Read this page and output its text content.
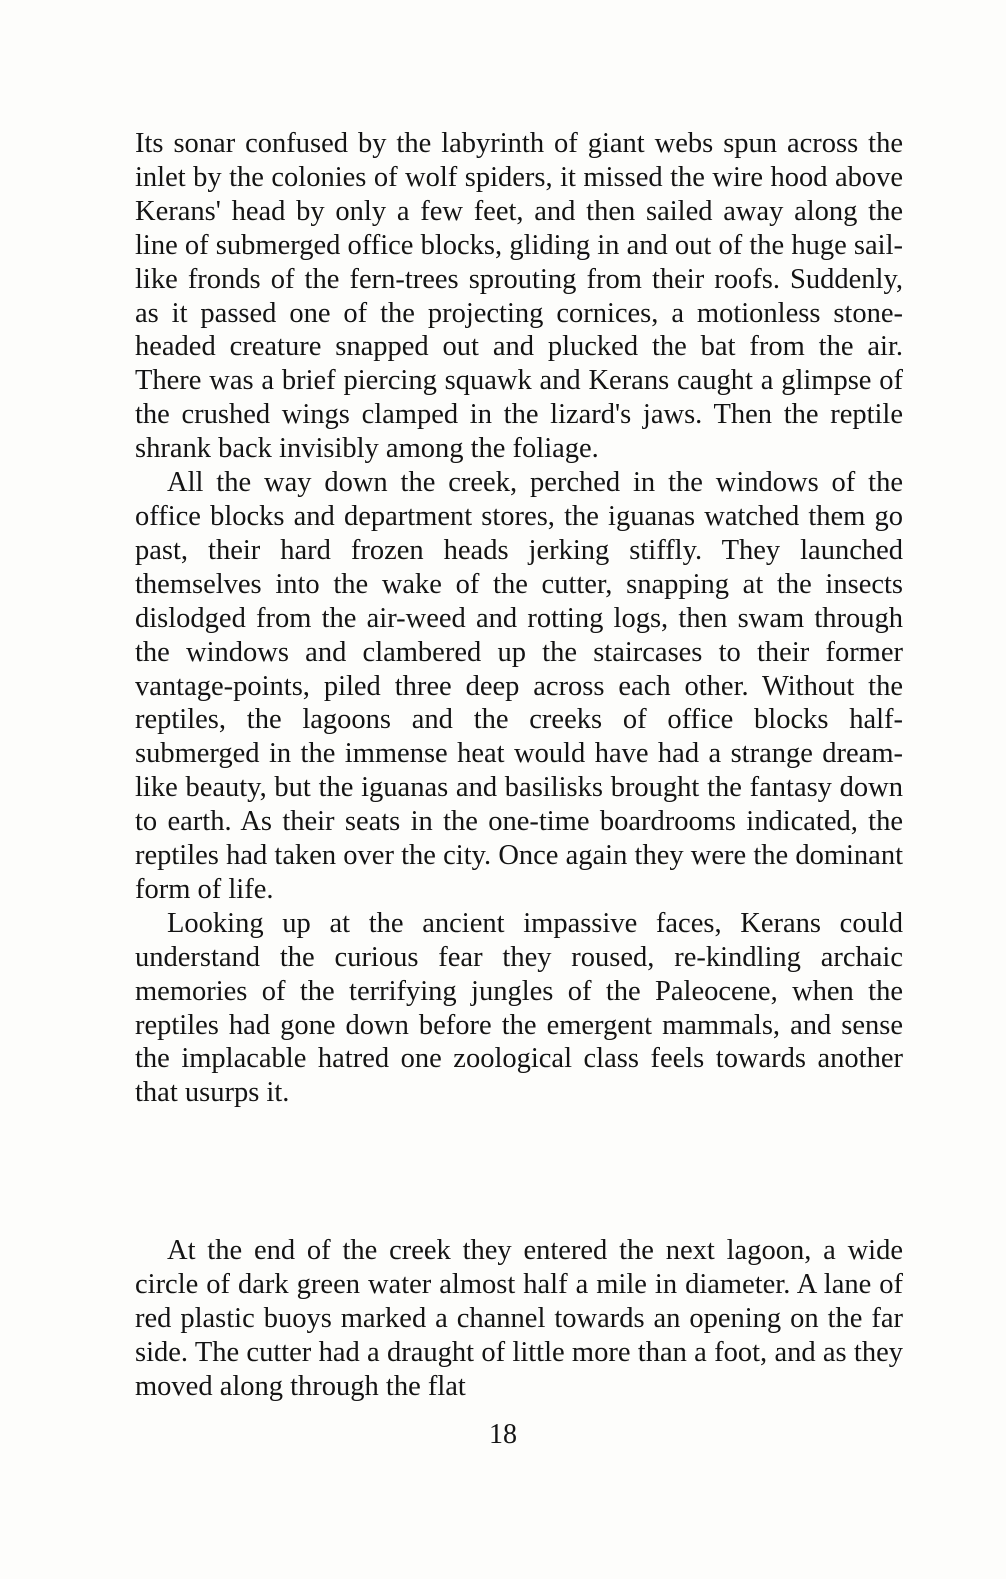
Its sonar confused by the labyrinth of giant webs spun across the inlet by the colonies of wolf spiders, it missed the wire hood above Kerans' head by only a few feet, and then sailed away along the line of submerged office blocks, gliding in and out of the huge sail-like fronds of the fern-trees sprouting from their roofs. Suddenly, as it passed one of the projecting cornices, a motionless stone-headed creature snapped out and plucked the bat from the air. There was a brief piercing squawk and Kerans caught a glimpse of the crushed wings clamped in the lizard's jaws. Then the reptile shrank back invisibly among the foliage.

All the way down the creek, perched in the windows of the office blocks and department stores, the iguanas watched them go past, their hard frozen heads jerking stiffly. They launched themselves into the wake of the cutter, snapping at the insects dislodged from the air-weed and rotting logs, then swam through the windows and clambered up the staircases to their former vantage-points, piled three deep across each other. Without the reptiles, the lagoons and the creeks of office blocks half-submerged in the immense heat would have had a strange dream-like beauty, but the iguanas and basilisks brought the fantasy down to earth. As their seats in the one-time boardrooms indicated, the reptiles had taken over the city. Once again they were the dominant form of life.

Looking up at the ancient impassive faces, Kerans could understand the curious fear they roused, re-kindling archaic memories of the terrifying jungles of the Paleocene, when the reptiles had gone down before the emergent mammals, and sense the implacable hatred one zoological class feels towards another that usurps it.

At the end of the creek they entered the next lagoon, a wide circle of dark green water almost half a mile in diameter. A lane of red plastic buoys marked a channel towards an opening on the far side. The cutter had a draught of little more than a foot, and as they moved along through the flat

18
